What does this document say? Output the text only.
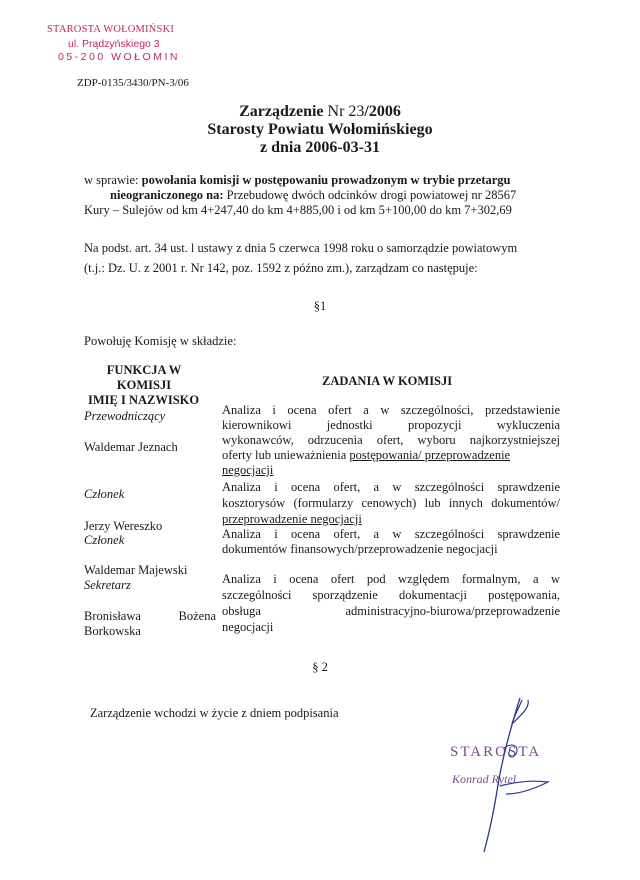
STAROSTA WOŁOMIŃSKI
ul. Prądzyńskiego 3
05-200 WOŁOMIN
ZDP-0135/3430/PN-3/06
Zarządzenie Nr 23/2006
Starosty Powiatu Wołomińskiego
z dnia 2006-03-31
w sprawie: powołania komisji w postępowaniu prowadzonym w trybie przetargu
nieograniczonego na: Przebudowę dwóch odcinków drogi powiatowej nr 28567
Kury – Sulejów od km 4+247,40 do km 4+885,00 i od km 5+100,00 do km 7+302,69
Na podst. art. 34 ust. l ustawy z dnia 5 czerwca 1998 roku o samorządzie powiatowym
(t.j.: Dz. U. z 2001 r. Nr 142, poz. 1592 z późno zm.), zarządzam co następuje:
§1
Powołuję Komisję w składzie:
FUNKCJA W
KOMISJI
IMIĘ I NAZWISKO
ZADANIA W KOMISJI
Przewodniczący
Waldemar Jeznach
Analiza i ocena ofert a w szczególności, przedstawienie
kierownikowi jednostki propozycji wykluczenia
wykonawców, odrzucenia ofert, wyboru najkorzystniejszej
oferty lub unieważnienia postępowania/ przeprowadzenie
negocjacji
Członek
Jerzy Wereszko
Analiza i ocena ofert, a w szczególności sprawdzenie
kosztorysów (formularzy cenowych) lub innych dokumentów/
przeprowadzenie negocjacji
Członek
Waldemar Majewski
Analiza i ocena ofert, a w szczególności sprawdzenie
dokumentów finansowych/przeprowadzenie negocjacji
Sekretarz
Bronisława	Bożena
Borkowska
Analiza i ocena ofert pod względem formalnym, a w
szczególności sporządzenie dokumentacji postępowania,
obsługa administracyjno-biurowa/przeprowadzenie
negocjacji
§ 2
Zarządzenie wchodzi w życie z dniem podpisania
STAROSTA
Konrad Rytel
